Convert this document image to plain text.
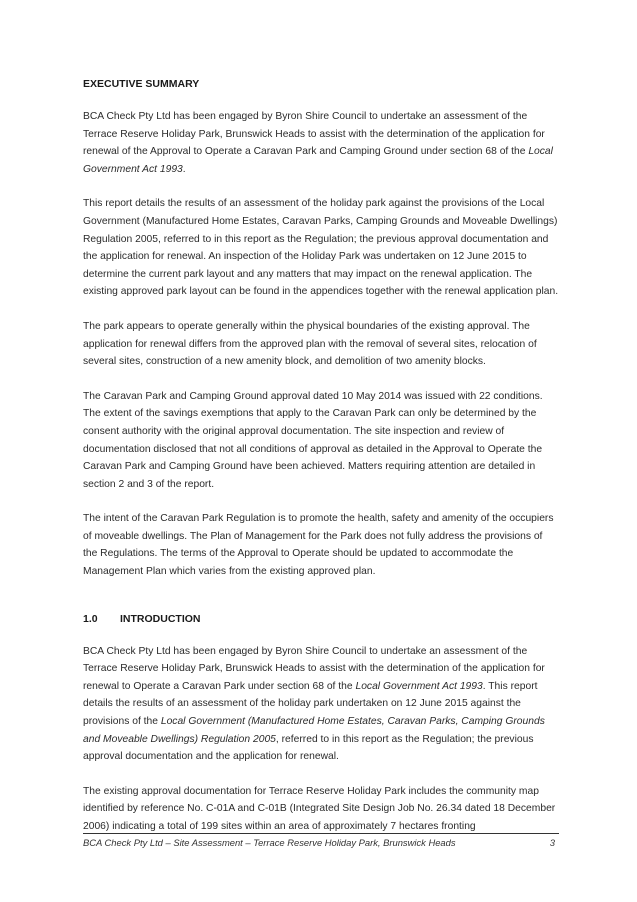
EXECUTIVE SUMMARY

BCA Check Pty Ltd has been engaged by Byron Shire Council to undertake an assessment of the Terrace Reserve Holiday Park, Brunswick Heads to assist with the determination of the application for renewal of the Approval to Operate a Caravan Park and Camping Ground under section 68 of the Local Government Act 1993.

This report details the results of an assessment of the holiday park against the provisions of the Local Government (Manufactured Home Estates, Caravan Parks, Camping Grounds and Moveable Dwellings) Regulation 2005, referred to in this report as the Regulation; the previous approval documentation and the application for renewal. An inspection of the Holiday Park was undertaken on 12 June 2015 to determine the current park layout and any matters that may impact on the renewal application. The existing approved park layout can be found in the appendices together with the renewal application plan.

The park appears to operate generally within the physical boundaries of the existing approval. The application for renewal differs from the approved plan with the removal of several sites, relocation of several sites, construction of a new amenity block, and demolition of two amenity blocks.

The Caravan Park and Camping Ground approval dated 10 May 2014 was issued with 22 conditions. The extent of the savings exemptions that apply to the Caravan Park can only be determined by the consent authority with the original approval documentation. The site inspection and review of documentation disclosed that not all conditions of approval as detailed in the Approval to Operate the Caravan Park and Camping Ground have been achieved. Matters requiring attention are detailed in section 2 and 3 of the report.

The intent of the Caravan Park Regulation is to promote the health, safety and amenity of the occupiers of moveable dwellings. The Plan of Management for the Park does not fully address the provisions of the Regulations. The terms of the Approval to Operate should be updated to accommodate the Management Plan which varies from the existing approved plan.

1.0 INTRODUCTION

BCA Check Pty Ltd has been engaged by Byron Shire Council to undertake an assessment of the Terrace Reserve Holiday Park, Brunswick Heads to assist with the determination of the application for renewal to Operate a Caravan Park under section 68 of the Local Government Act 1993. This report details the results of an assessment of the holiday park undertaken on 12 June 2015 against the provisions of the Local Government (Manufactured Home Estates, Caravan Parks, Camping Grounds and Moveable Dwellings) Regulation 2005, referred to in this report as the Regulation; the previous approval documentation and the application for renewal.

The existing approval documentation for Terrace Reserve Holiday Park includes the community map identified by reference No. C-01A and C-01B (Integrated Site Design Job No. 26.34 dated 18 December 2006) indicating a total of 199 sites within an area of approximately 7 hectares fronting

BCA Check Pty Ltd – Site Assessment – Terrace Reserve Holiday Park, Brunswick Heads	3
